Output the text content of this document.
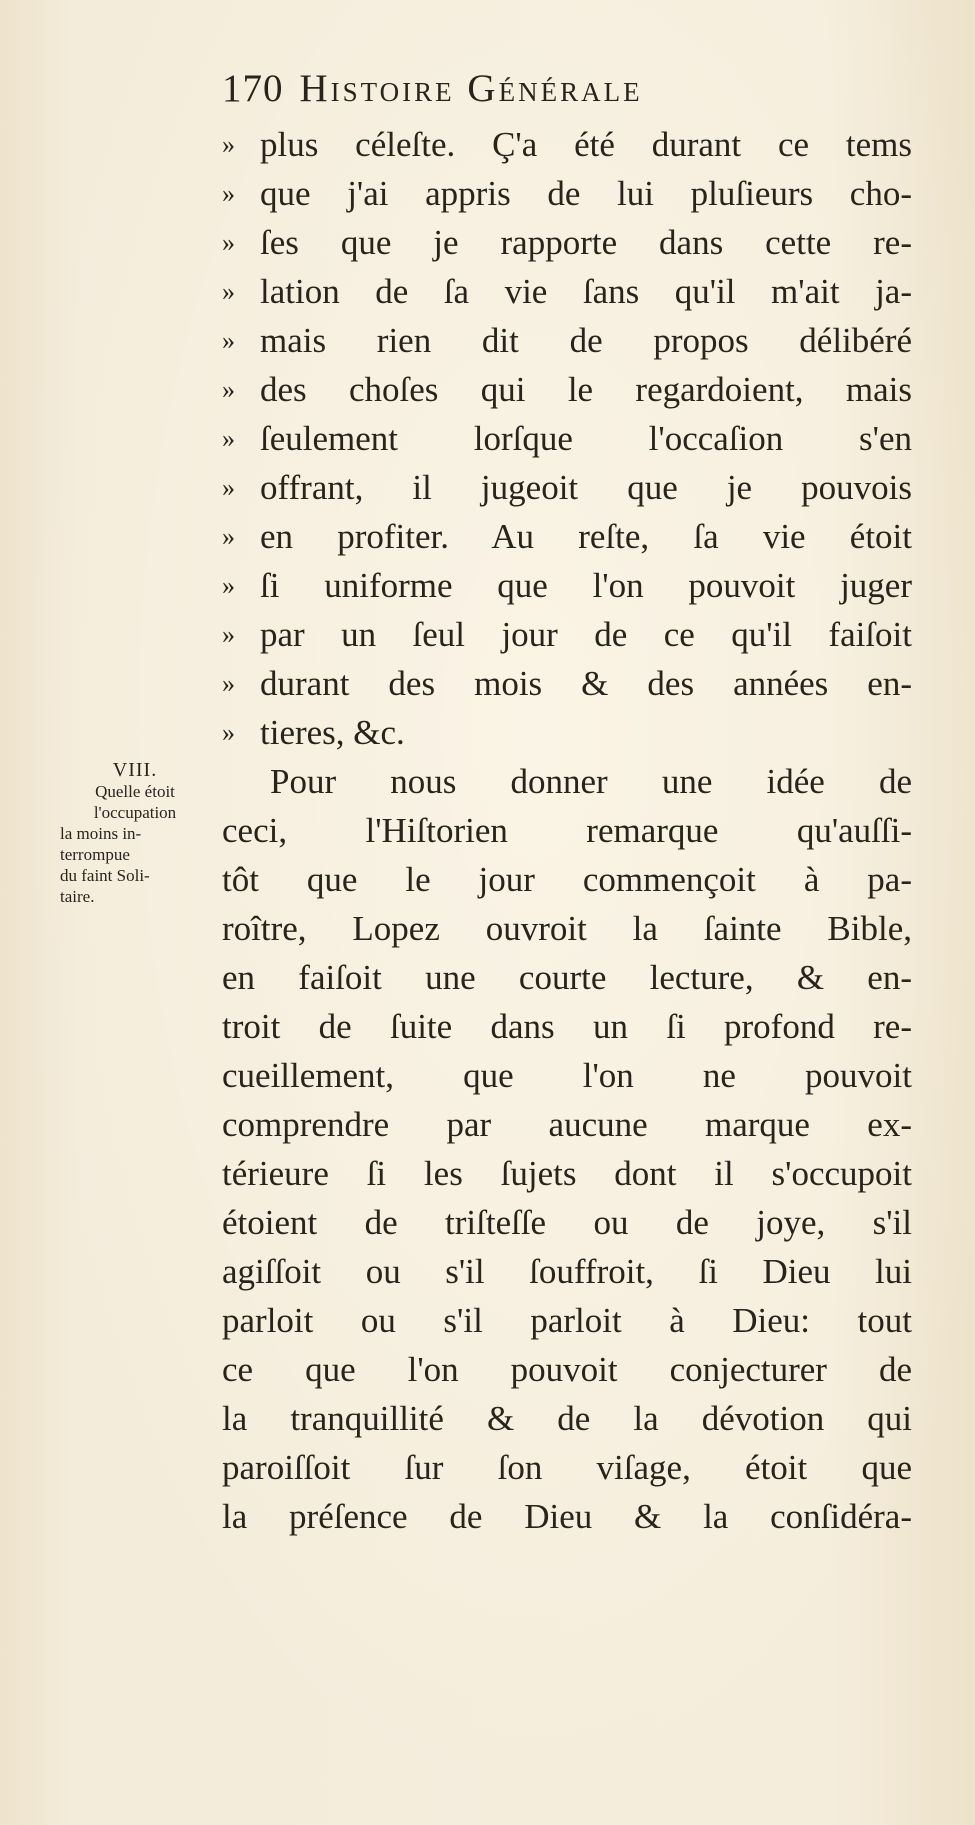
170 Histoire Générale
VIII.
Quelle étoit
l'occupation
la moins in-
terrompue
du faint Soli-
taire.
» plus céleſte. Ç'a été durant ce tems
» que j'ai appris de lui pluſieurs cho-
» ſes que je rapporte dans cette re-
» lation de ſa vie ſans qu'il m'ait ja-
» mais rien dit de propos délibéré
» des choſes qui le regardoient, mais
» ſeulement lorſque l'occaſion s'en
» offrant, il jugeoit que je pouvois
» en profiter. Au reſte, ſa vie étoit
» ſi uniforme que l'on pouvoit juger
» par un ſeul jour de ce qu'il faiſoit
» durant des mois & des années en-
» tieres, &c.
Pour nous donner une idée de
ceci, l'Hiſtorien remarque qu'auſſi-
tôt que le jour commençoit à pa-
roître, Lopez ouvroit la ſainte Bible,
en faiſoit une courte lecture, & en-
troit de ſuite dans un ſi profond re-
cueillement, que l'on ne pouvoit
comprendre par aucune marque ex-
térieure ſi les ſujets dont il s'occupoit
étoient de triſteſſe ou de joye, s'il
agiſſoit ou s'il ſouffroit, ſi Dieu lui
parloit ou s'il parloit à Dieu: tout
ce que l'on pouvoit conjecturer de
la tranquillité & de la dévotion qui
paroiſſoit ſur ſon viſage, étoit que
la préſence de Dieu & la conſidéra-
